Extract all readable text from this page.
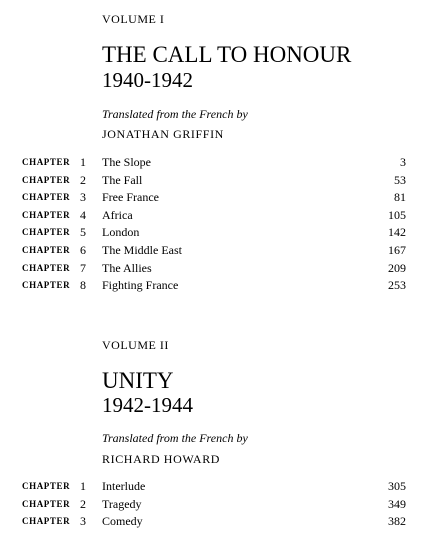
VOLUME I
THE CALL TO HONOUR
1940-1942
Translated from the French by
JONATHAN GRIFFIN
CHAPTER 1 The Slope	3
CHAPTER 2 The Fall	53
CHAPTER 3 Free France	81
CHAPTER 4 Africa	105
CHAPTER 5 London	142
CHAPTER 6 The Middle East	167
CHAPTER 7 The Allies	209
CHAPTER 8 Fighting France	253
VOLUME II
UNITY
1942-1944
Translated from the French by
RICHARD HOWARD
CHAPTER 1 Interlude	305
CHAPTER 2 Tragedy	349
CHAPTER 3 Comedy	382
